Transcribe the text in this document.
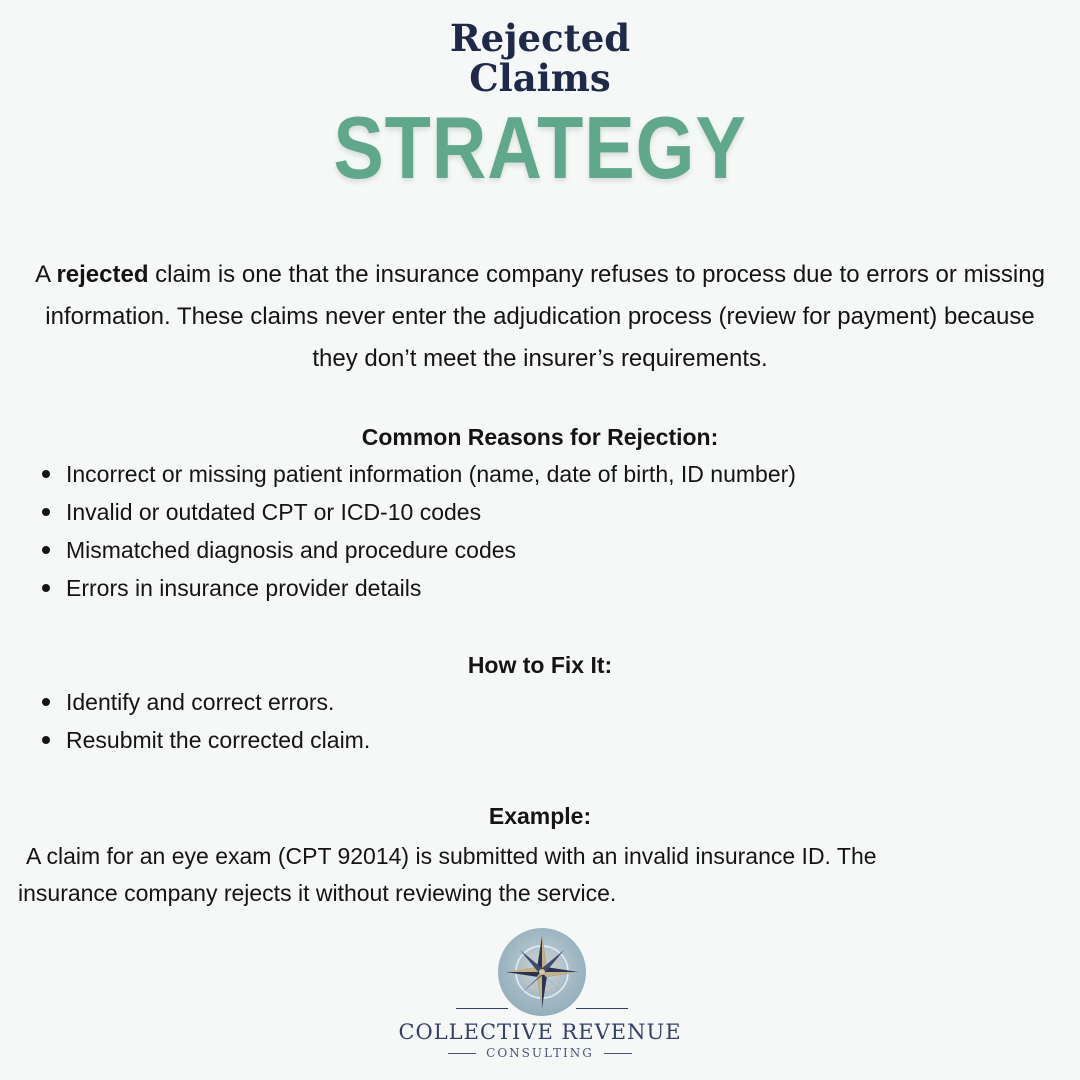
Rejected
Claims
STRATEGY

A rejected claim is one that the insurance company refuses to process due to errors or missing information. These claims never enter the adjudication process (review for payment) because they don’t meet the insurer’s requirements.

Common Reasons for Rejection:
Incorrect or missing patient information (name, date of birth, ID number)
Invalid or outdated CPT or ICD-10 codes
Mismatched diagnosis and procedure codes
Errors in insurance provider details
How to Fix It:
Identify and correct errors.
Resubmit the corrected claim.
Example:

A claim for an eye exam (CPT 92014) is submitted with an invalid insurance ID. The
insurance company rejects it without reviewing the service.

COLLECTIVE REVENUE
CONSULTING
